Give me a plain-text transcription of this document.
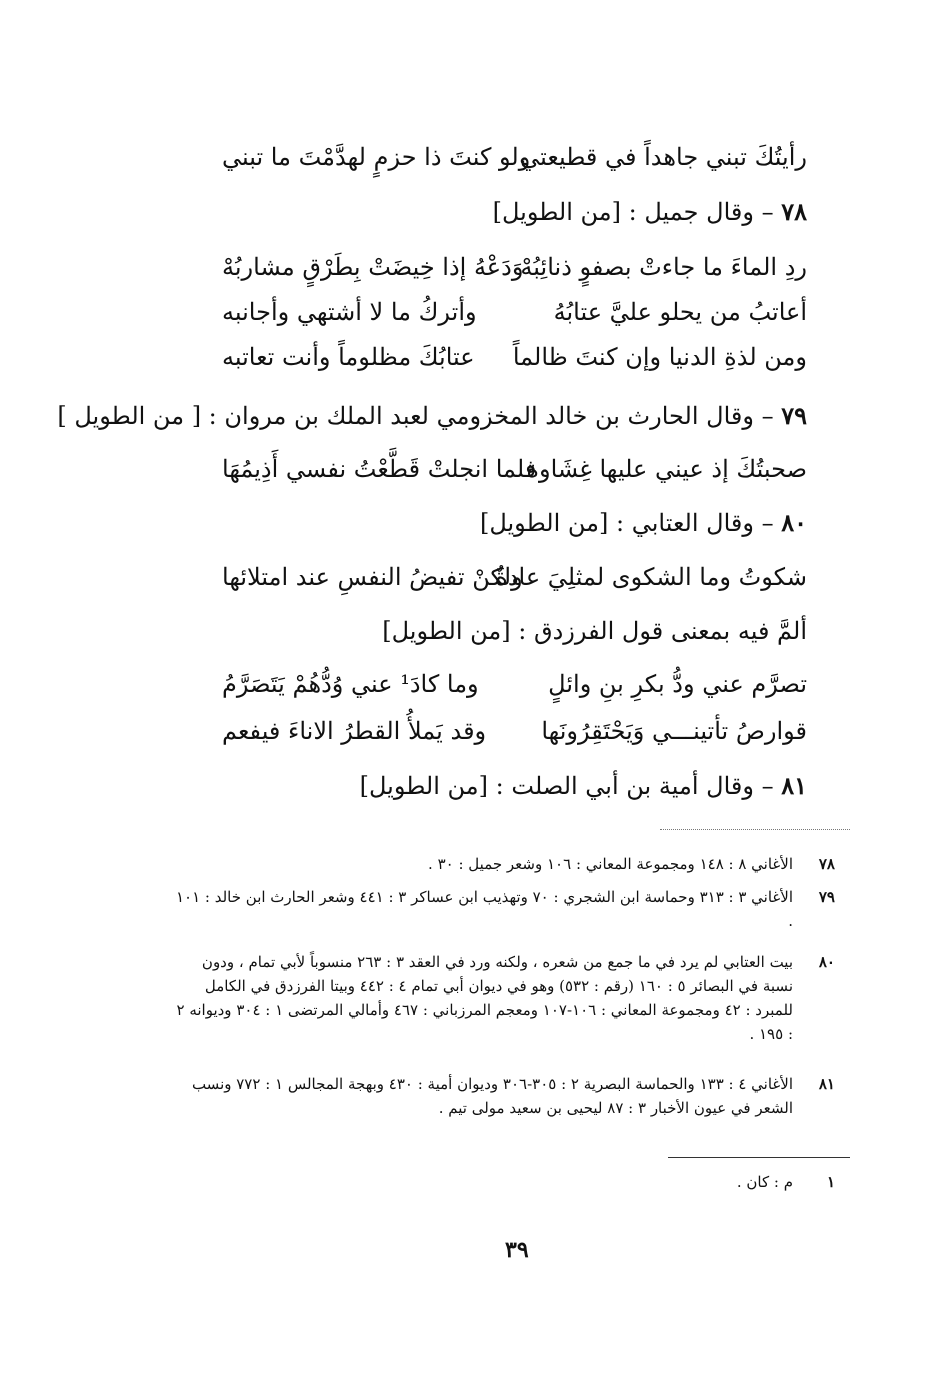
رأيتُكَ تبني جاهداً في قطيعتي
ولو كنتَ ذا حزمٍ لهدَّمْتَ ما تبني
٧٨ – وقال جميل : [من الطويل]
ردِ الماءَ ما جاءتْ بصفوٍ ذنائِبُهْ
وَدَعْهُ إذا خِيضَتْ بِطَرْقٍ مشاربُهْ
أعاتبُ من يحلو عليَّ عتابُهُ
وأتركُ ما لا أشتهي وأجانبه
ومن لذةِ الدنيا وإن كنتَ ظالماً
عتابُكَ مظلوماً وأنت تعاتبه
٧٩ – وقال الحارث بن خالد المخزومي لعبد الملك بن مروان : [ من الطويل ]
صحبتُكَ إذ عيني عليها غِشَاوة
فلما انجلتْ قَطَّعْتُ نفسي أَذِيمُهَا
٨٠ – وقال العتابي : [من الطويل]
شكوتُ وما الشكوى لمثلِيَ عادةٌ
ولكنْ تفيضُ النفسِ عند امتلائها
ألمَّ فيه بمعنى قول الفرزدق : [من الطويل]
تصرَّم عني ودُّ بكرِ بنِ وائلٍ
وما كادَ¹ عني وُدُّهُمْ يَتَصَرَّمُ
قوارصُ تأتينـــي وَيَحْتَقِرُونَها
وقد يَملأُ القطرُ الاناءَ فيفعم
٨١ – وقال أمية بن أبي الصلت : [من الطويل]
٧٨
الأغاني ٨ : ١٤٨ ومجموعة المعاني : ١٠٦ وشعر جميل : ٣٠ .
٧٩
الأغاني ٣ : ٣١٣ وحماسة ابن الشجري : ٧٠ وتهذيب ابن عساكر ٣ : ٤٤١ وشعر الحارث ابن خالد : ١٠١ .
٨٠
بيت العتابي لم يرد في ما جمع من شعره ، ولكنه ورد في العقد ٣ : ٢٦٣ منسوباً لأبي تمام ، ودون نسبة في البصائر ٥ : ١٦٠ (رقم : ٥٣٢) وهو في ديوان أبي تمام ٤ : ٤٤٢ وبيتا الفرزدق في الكامل للمبرد : ٤٢ ومجموعة المعاني : ١٠٦-١٠٧ ومعجم المرزباني : ٤٦٧ وأمالي المرتضى ١ : ٣٠٤ وديوانه ٢ : ١٩٥ .
٨١
الأغاني ٤ : ١٣٣ والحماسة البصرية ٢ : ٣٠٥-٣٠٦ وديوان أمية : ٤٣٠ وبهجة المجالس ١ : ٧٧٢ ونسب الشعر في عيون الأخبار ٣ : ٨٧ ليحيى بن سعيد مولى تيم .
١
م : كان .
٣٩
